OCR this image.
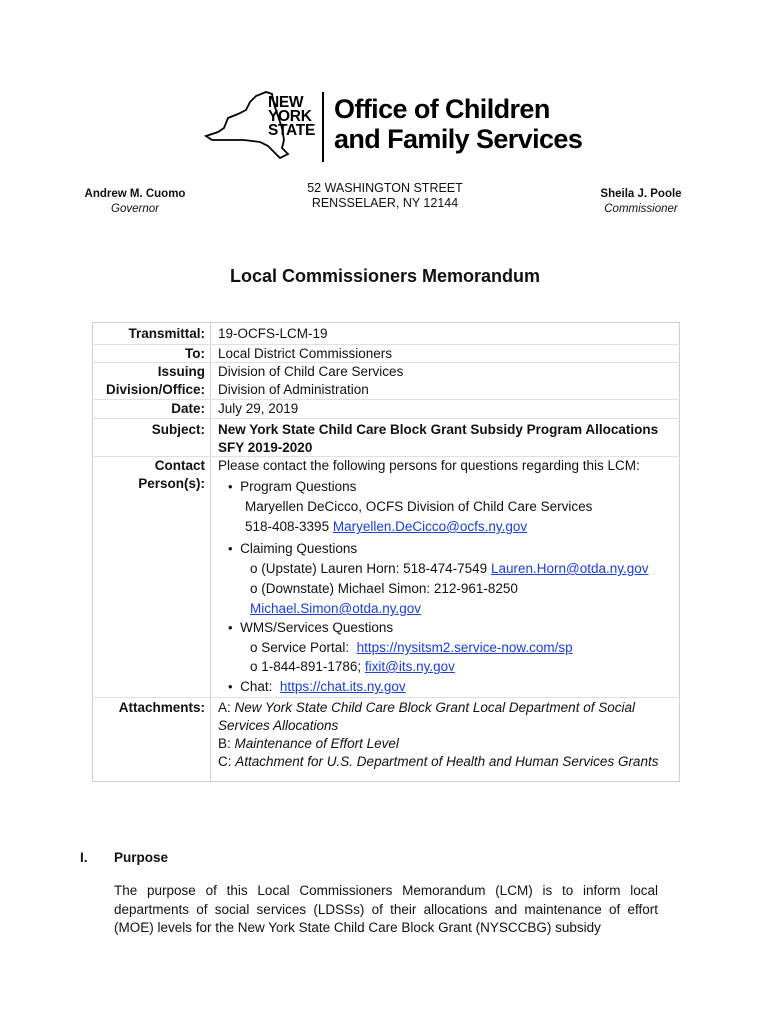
NEW
YORK
STATE
Office of Children
and Family Services
Andrew M. Cuomo
Governor
52 WASHINGTON STREET
RENSSELAER, NY 12144
Sheila J. Poole
Commissioner
Local Commissioners Memorandum
Transmittal:
To:
Issuing
Division/Office:
Date:
Subject:
Contact
Person(s):
Attachments:
19-OCFS-LCM-19
Local District Commissioners
Division of Child Care Services
Division of Administration
July 29, 2019
New York State Child Care Block Grant Subsidy Program Allocations
SFY 2019-2020
Please contact the following persons for questions regarding this LCM:
• Program Questions
Maryellen DeCicco, OCFS Division of Child Care Services
518-408-3395 Maryellen.DeCicco@ocfs.ny.gov
• Claiming Questions
o (Upstate) Lauren Horn: 518-474-7549 Lauren.Horn@otda.ny.gov
o (Downstate) Michael Simon: 212-961-8250
Michael.Simon@otda.ny.gov
• WMS/Services Questions
o Service Portal: https://nysitsm2.service-now.com/sp
o 1-844-891-1786; fixit@its.ny.gov
• Chat: https://chat.its.ny.gov
A: New York State Child Care Block Grant Local Department of Social
Services Allocations
B: Maintenance of Effort Level
C: Attachment for U.S. Department of Health and Human Services Grants
I. Purpose
The purpose of this Local Commissioners Memorandum (LCM) is to inform local departments of social services (LDSSs) of their allocations and maintenance of effort (MOE) levels for the New York State Child Care Block Grant (NYSCCBG) subsidy
